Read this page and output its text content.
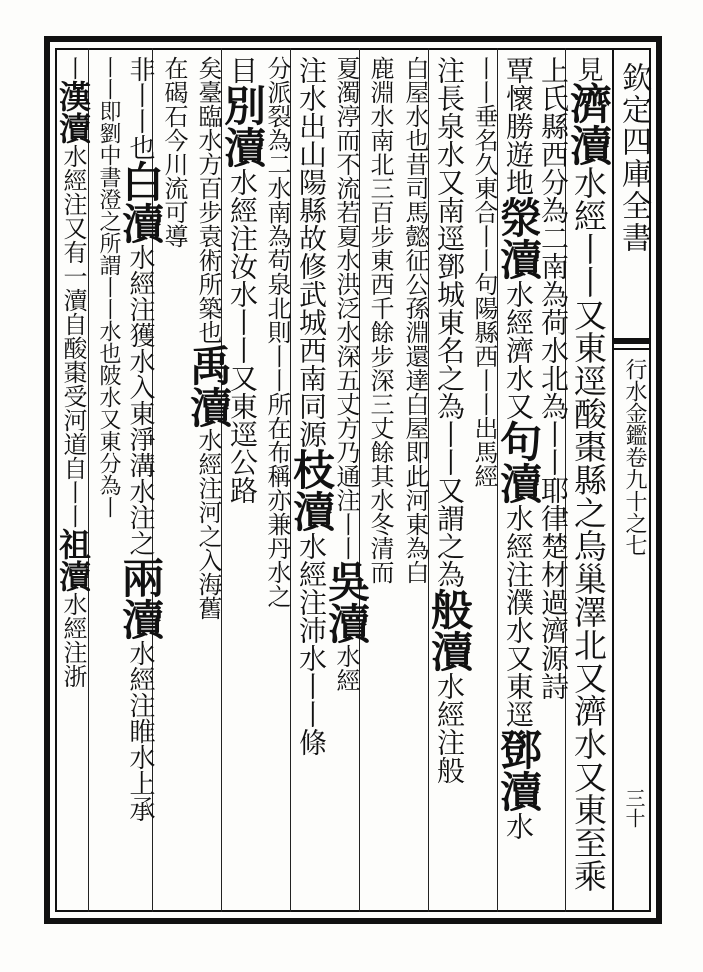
欽定四庫全書
行水金鑑卷九十之七
三十
見濟瀆水經丨丨又東逕酸棗縣之烏巢澤北又濟水又東至乘
上氏縣西分為二南為荷水北為丨丨耶律楚材過濟源詩
覃懷勝遊地滎瀆水經濟水又句瀆水經注濮水又東逕鄧瀆水
丨丨垂名久東合丨丨句陽縣西丨丨出馬經
注長泉水又南逕鄧城東名之為丨丨又謂之為般瀆水經注般
白屋水也昔司馬懿征公孫淵還達白屋即此河東為白
鹿淵水南北三百步東西千餘步深三丈餘其水冬清而
夏濁渟而不流若夏水洪泛水深五丈方乃通注丨丨吳瀆水經
注水出山陽縣故修武城西南同源枝瀆水經注沛水丨丨條
分派裂為二水南為苟泉北則丨丨所在布稱亦兼丹水之
目別瀆水經注汝水丨丨又東逕公路
矣臺臨水方百步袁術所築也禹瀆水經注河之入海舊
在碣石今川流可導
非丨丨也白瀆水經注獲水入東淨溝水注之兩瀆水經注睢水上承
丨丨即劉中書澄之所謂丨丨水也陂水又東分為丨
丨漢瀆水經注又有一瀆自酸棗受河道自丨丨祖瀆水經注浙
